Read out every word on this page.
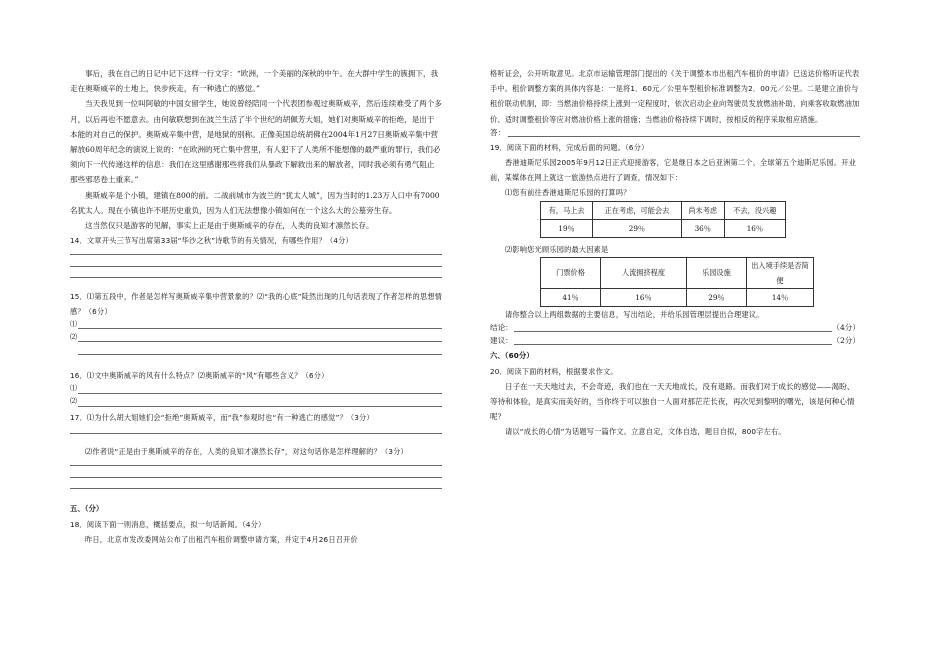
事后，我在自己的日记中记下这样一行文字：“欧洲，一个美丽的深秋的中午。在大群中学生的簇拥下，我走在奥斯威辛的土地上，快步疾走，有一种逃亡的感觉。”

当天我见到一位叫阿敏的中国女留学生，她说曾经陪同一个代表团参观过奥斯威辛，然后连续难受了两个多月，以后再也不愿意去。由何敏联想到在波兰生活了半个世纪的胡佩芳大姐，她们对奥斯威辛的拒绝，是出于本能的对自己的保护。奥斯威辛集中营，是地狱的别称。正像美国总统胡佛在2004年1月27日奥斯威辛集中营解放60周年纪念的演说上说的：“在欧洲的死亡集中营里，有人犯下了人类所不能想像的最严重的罪行，我们必须向下一代传递这样的信息：我们在这里感谢那些将我们从暴政下解救出来的解放者，同时我必须有勇气阻止那些邪恶卷土重来。”

奥斯威辛是个小镇，建镇在800的前。二战前城市为波兰的“犹太人城”，因为当时的1.23万人口中有7000名犹太人。现在小镇也许不堪历史重负，因为人们无法想像小镇如何在一个这么大的公墓旁生存。

这当然仅只是游客的见解，事实上正是由于奥斯威辛的存在，人类的良知才凛然长存。

14．文章开头三节写出席第33届“华沙之秋”诗歌节的有关情况，有哪些作用？（4分）

15．⑴第五段中，作者是怎样写奥斯威辛集中营景象的？⑵“我的心底”陡然出现的几句话表现了作者怎样的思想情感？（6分）

⑴
⑵

16．⑴文中奥斯威辛的风有什么特点？⑵奥斯威辛的“风”有哪些含义？（6分）

⑴
⑵

17．⑴为什么胡大姐她们会“拒绝”奥斯威辛，而“我”参观时也“有一种逃亡的感觉”？（3分）

⑵作者说“正是由于奥斯威辛的存在，人类的良知才凛然长存”，对这句话你是怎样理解的？（3分）

五、（分）

18．阅读下面一则消息，概括要点，拟一句话新闻。（4分）

昨日，北京市发改委网站公布了出租汽车租价调整申请方案，并定于4月26日召开价

格听证会，公开听取意见。北京市运输管理部门提出的《关于调整本市出租汽车租价的申请》已送达价格听证代表手中。租价调整方案的具体内容是：一是将1．60元／公里车型租价标准调整为2．00元／公里。二是建立油价与租价联动机制，即：当燃油价格持续上涨到一定程度时，依次启动企业向驾驶员发放燃油补助、向乘客收取燃油加价、适时调整租价等应对燃油价格上涨的措施；当燃油价格持续下调时，按相反的程序采取相应措施。

答：

19．阅读下面的材料，完成后面的问题。（6分）

香港迪斯尼乐园2005年9月12日正式迎接游客，它是继日本之后亚洲第二个、全球第五个迪斯尼乐园。开业前，某媒体在网上就这一旅游热点进行了调查，情况如下：

⑴您有前往香港迪斯尼乐园的打算吗？

有，马上去	正在考虑，可能会去	尚未考虑	不去，没兴趣
19％	29％	36％	16％

⑵影响您光顾乐园的最大因素是

门票价格	人流拥挤程度	乐园设施	出入境手续是否简便
41％	16％	29％	14％

请你整合以上两组数据的主要信息，写出结论，并给乐园管理层提出合理建议。

结论：	（4分）
建议：	（2分）

六、（60分）

20．阅读下面的材料，根据要求作文。

日子在一天天地过去，不会奇迹，我们也在一天天地成长，没有退路。而我们对于成长的感觉——渴盼、等待和体验，是真实而美好的，当你终于可以独自一人面对那茫茫长夜，再次见到黎明的曙光，该是何种心情呢？

请以“成长的心情”为话题写一篇作文。立意自定，文体自选，题目自拟，800字左右。
